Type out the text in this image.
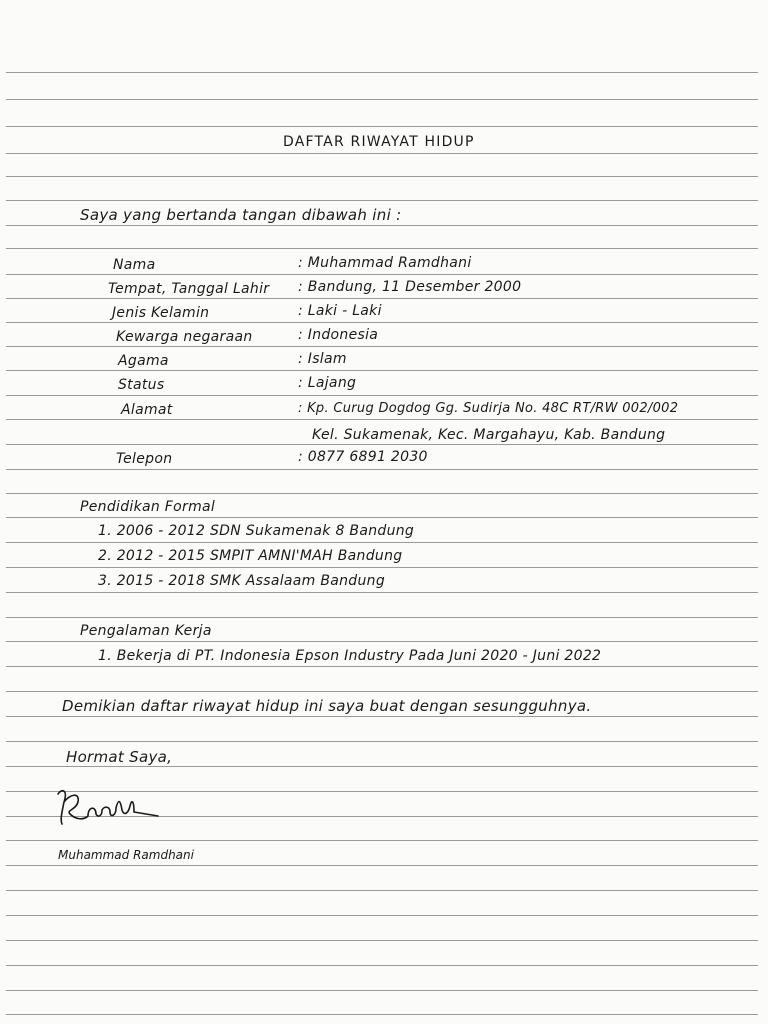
DAFTAR RIWAYAT HIDUP
Saya yang bertanda tangan dibawah ini :
Nama	: Muhammad Ramdhani
Tempat, Tanggal Lahir : Bandung, 11 Desember 2000
Jenis Kelamin	: Laki - Laki
Kewarga negaraan	: Indonesia
Agama	: Islam
Status	: Lajang
Alamat	: Kp. Curug Dogdog Gg. Sudirja No. 48C RT/RW 002/002
Kel. Sukamenak, Kec. Margahayu, Kab. Bandung
Telepon	: 0877 6891 2030
Pendidikan Formal
1. 2006 - 2012 SDN Sukamenak 8 Bandung
2. 2012 - 2015 SMPIT AMNI'MAH Bandung
3. 2015 - 2018 SMK Assalaam Bandung
Pengalaman Kerja
1. Bekerja di PT. Indonesia Epson Industry Pada Juni 2020 - Juni 2022
Demikian daftar riwayat hidup ini saya buat dengan sesungguhnya.
Hormat Saya,
Muhammad Ramdhani
